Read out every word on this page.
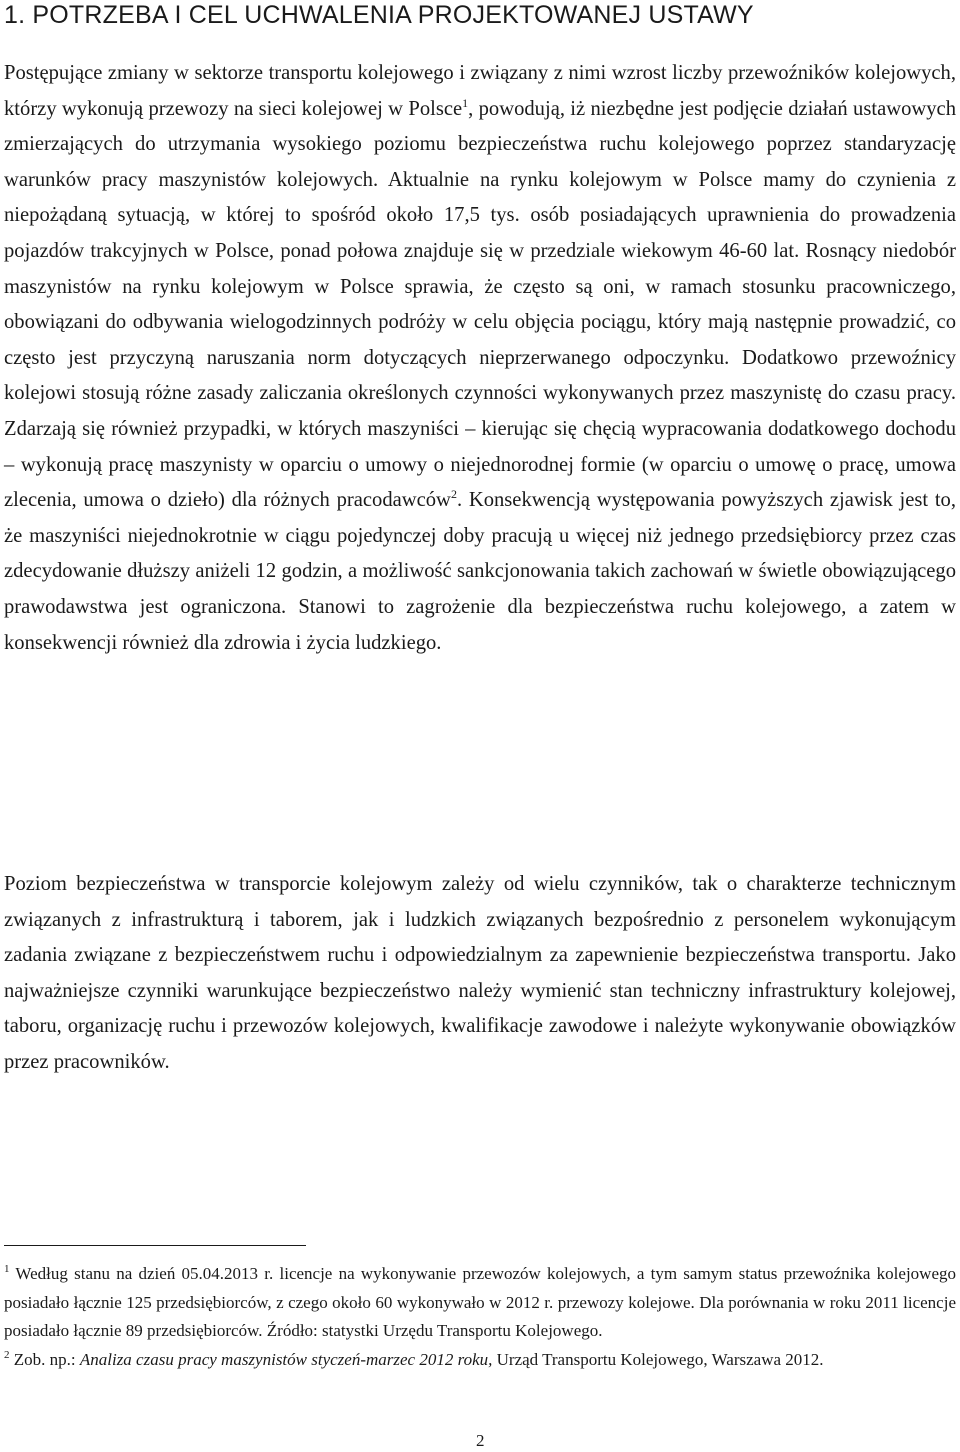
1. POTRZEBA I CEL UCHWALENIA PROJEKTOWANEJ USTAWY

Postępujące zmiany w sektorze transportu kolejowego i związany z nimi wzrost liczby przewoźników kolejowych, którzy wykonują przewozy na sieci kolejowej w Polsce$^1$, powodują, iż niezbędne jest podjęcie działań ustawowych zmierzających do utrzymania wysokiego poziomu bezpieczeństwa ruchu kolejowego poprzez standaryzację warunków pracy maszynistów kolejowych. Aktualnie na rynku kolejowym w Polsce mamy do czynienia z niepożądaną sytuacją, w której to spośród około 17,5 tys. osób posiadających uprawnienia do prowadzenia pojazdów trakcyjnych w Polsce, ponad połowa znajduje się w przedziale wiekowym 46-60 lat. Rosnący niedobór maszynistów na rynku kolejowym w Polsce sprawia, że często są oni, w ramach stosunku pracowniczego, obowiązani do odbywania wielogodzinnych podróży w celu objęcia pociągu, który mają następnie prowadzić, co często jest przyczyną naruszania norm dotyczących nieprzerwanego odpoczynku. Dodatkowo przewoźnicy kolejowi stosują różne zasady zaliczania określonych czynności wykonywanych przez maszynistę do czasu pracy. Zdarzają się również przypadki, w których maszyniści – kierując się chęcią wypracowania dodatkowego dochodu – wykonują pracę maszynisty w oparciu o umowy o niejednorodnej formie (w oparciu o umowę o pracę, umowa zlecenia, umowa o dzieło) dla różnych pracodawców$^2$. Konsekwencją występowania powyższych zjawisk jest to, że maszyniści niejednokrotnie w ciągu pojedynczej doby pracują u więcej niż jednego przedsiębiorcy przez czas zdecydowanie dłuższy aniżeli 12 godzin, a możliwość sankcjonowania takich zachowań w świetle obowiązującego prawodawstwa jest ograniczona. Stanowi to zagrożenie dla bezpieczeństwa ruchu kolejowego, a zatem w konsekwencji również dla zdrowia i życia ludzkiego.

Poziom bezpieczeństwa w transporcie kolejowym zależy od wielu czynników, tak o charakterze technicznym związanych z infrastrukturą i taborem, jak i ludzkich związanych bezpośrednio z personelem wykonującym zadania związane z bezpieczeństwem ruchu i odpowiedzialnym za zapewnienie bezpieczeństwa transportu. Jako najważniejsze czynniki warunkujące bezpieczeństwo należy wymienić stan techniczny infrastruktury kolejowej, taboru, organizację ruchu i przewozów kolejowych, kwalifikacje zawodowe i należyte wykonywanie obowiązków przez pracowników.

$^1$ Według stanu na dzień 05.04.2013 r. licencje na wykonywanie przewozów kolejowych, a tym samym status przewoźnika kolejowego posiadało łącznie 125 przedsiębiorców, z czego około 60 wykonywało w 2012 r. przewozy kolejowe. Dla porównania w roku 2011 licencje posiadało łącznie 89 przedsiębiorców. Źródło: statystki Urzędu Transportu Kolejowego.

$^2$ Zob. np.: Analiza czasu pracy maszynistów styczeń-marzec 2012 roku, Urząd Transportu Kolejowego, Warszawa 2012.

2
